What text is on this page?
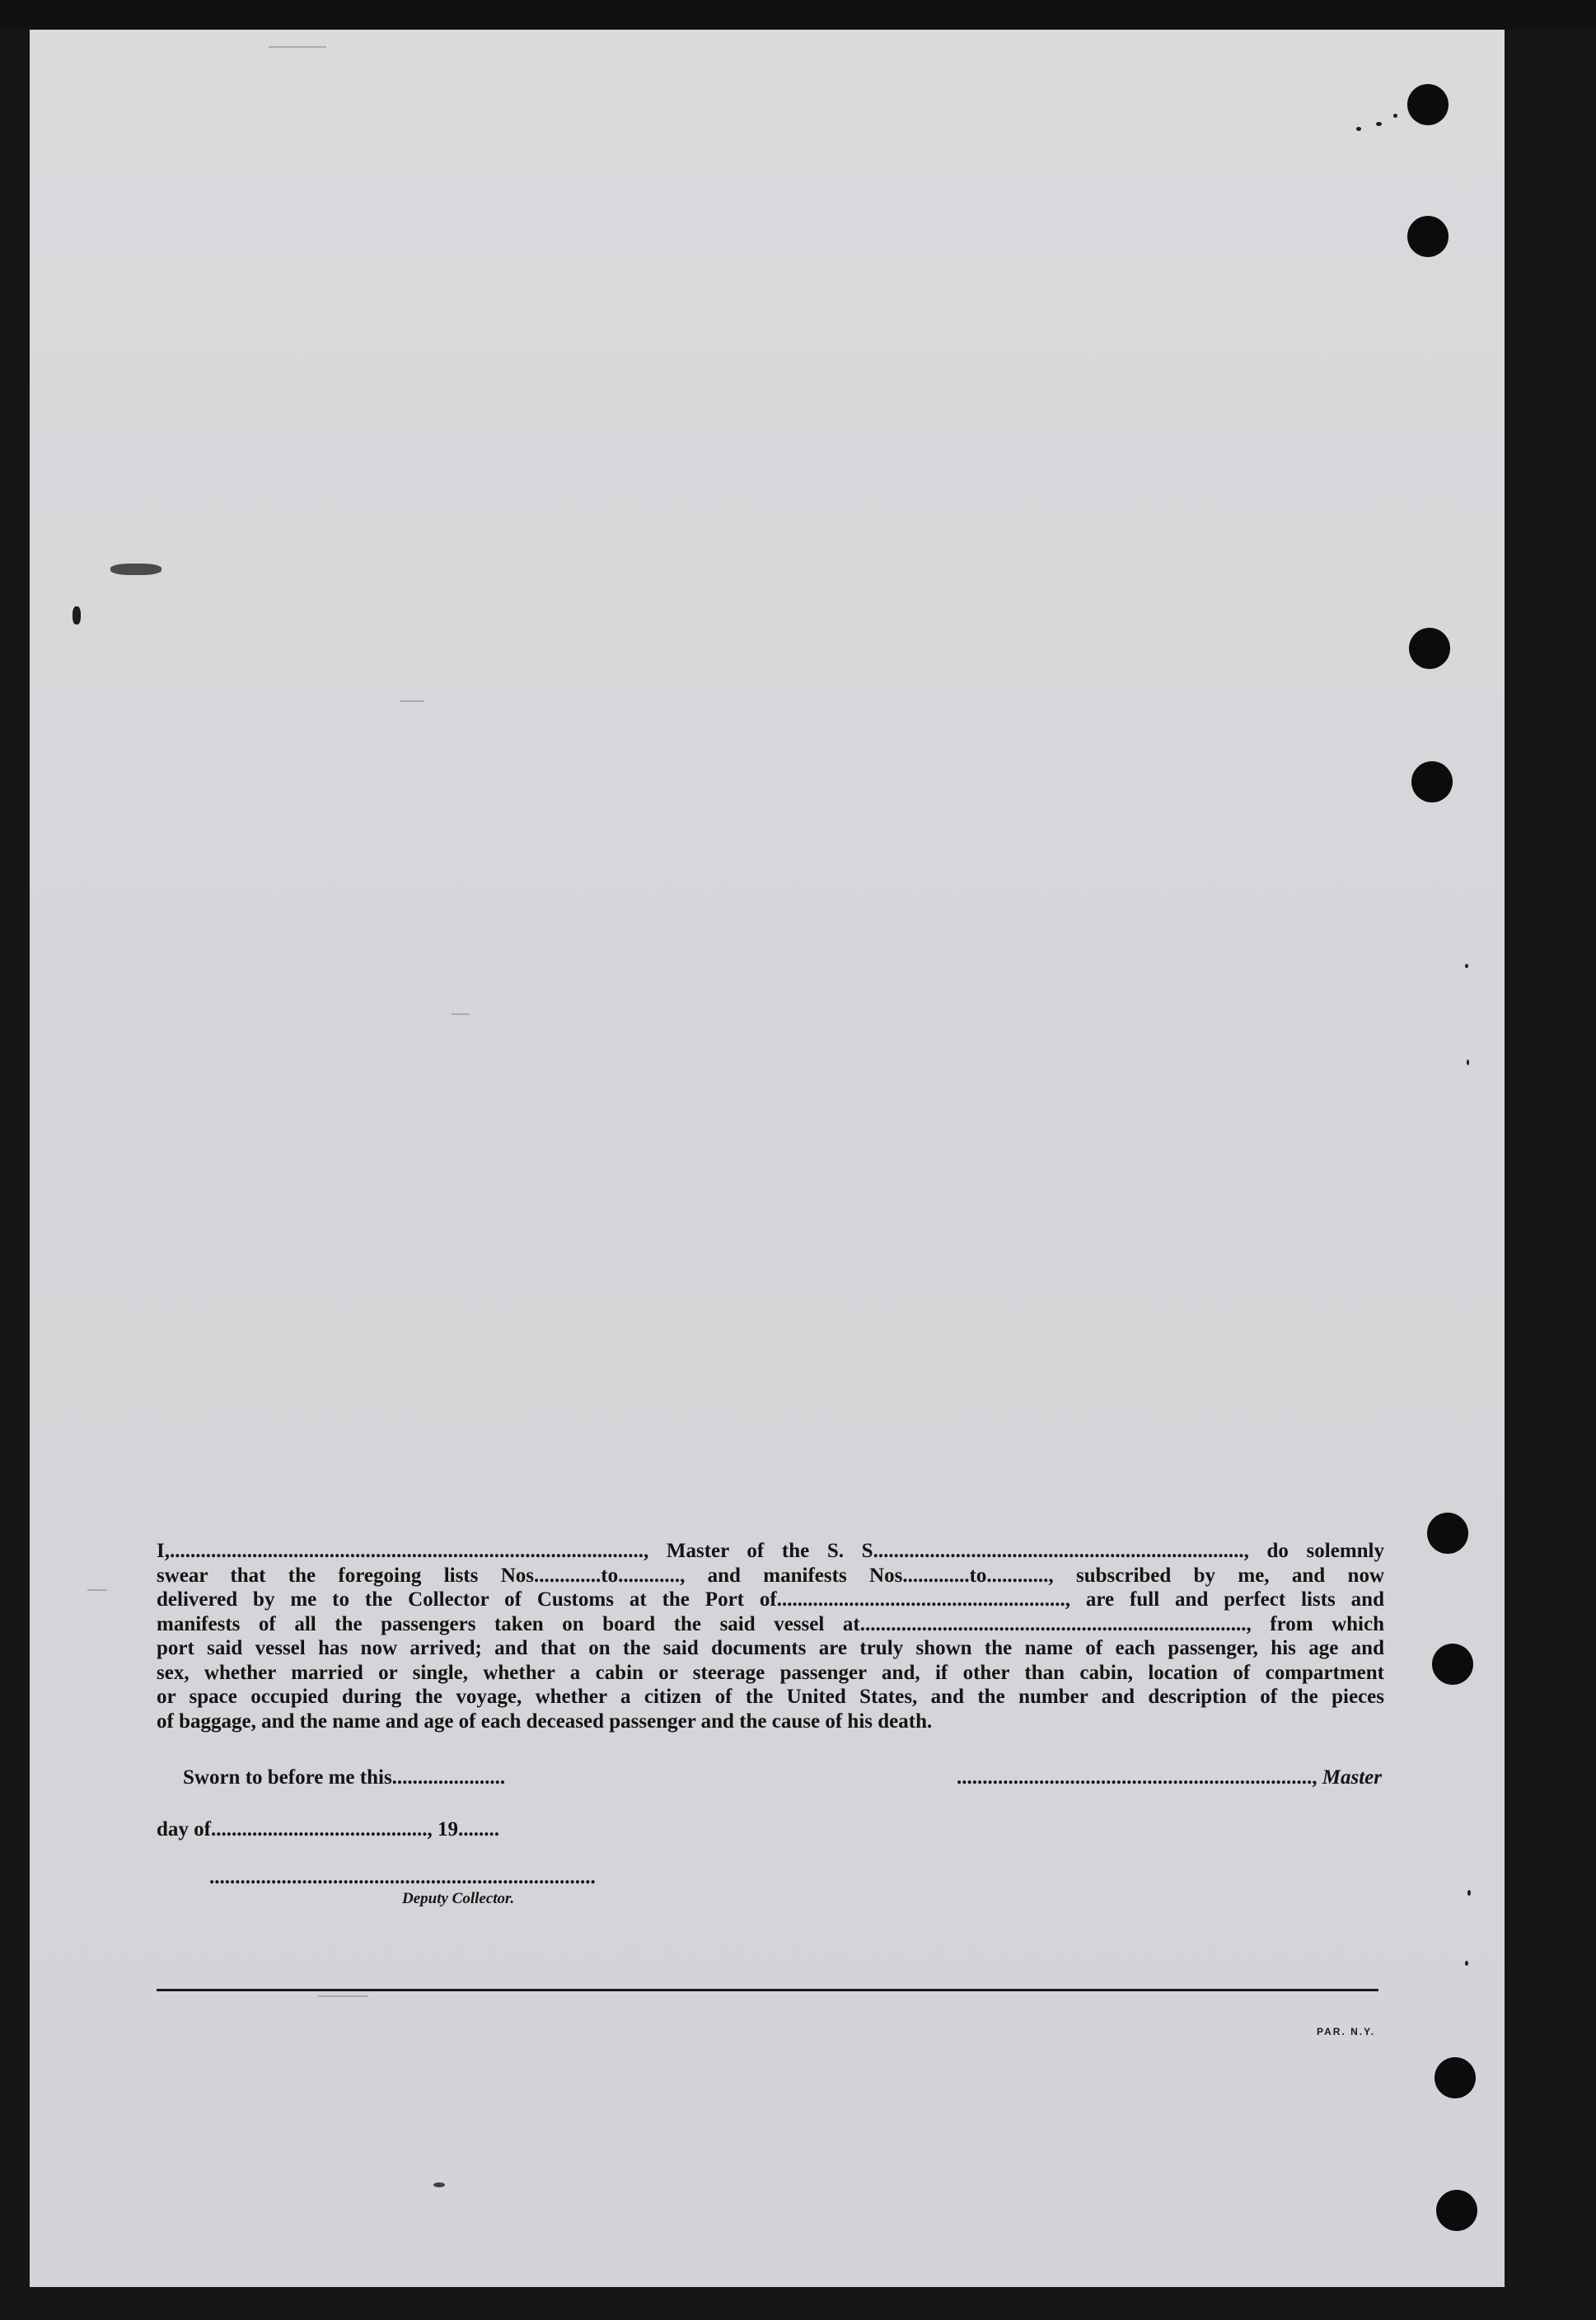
I,............................................................................................, Master of the S. S........................................................................, do solemnly
swear that the foregoing lists Nos.............to............, and manifests Nos.............to............, subscribed by me, and now
delivered by me to the Collector of Customs at the Port of........................................................, are full and perfect lists and
manifests of all the passengers taken on board the said vessel at..........................................................................., from which
port said vessel has now arrived; and that on the said documents are truly shown the name of each passenger, his age and
sex, whether married or single, whether a cabin or steerage passenger and, if other than cabin, location of compartment
or space occupied during the voyage, whether a citizen of the United States, and the number and description of the pieces
of baggage, and the name and age of each deceased passenger and the cause of his death.
Sworn to before me this......................	....................................................................., Master
day of.........................................., 19........
...........................................................................
Deputy Collector.
PAR. N.Y.
